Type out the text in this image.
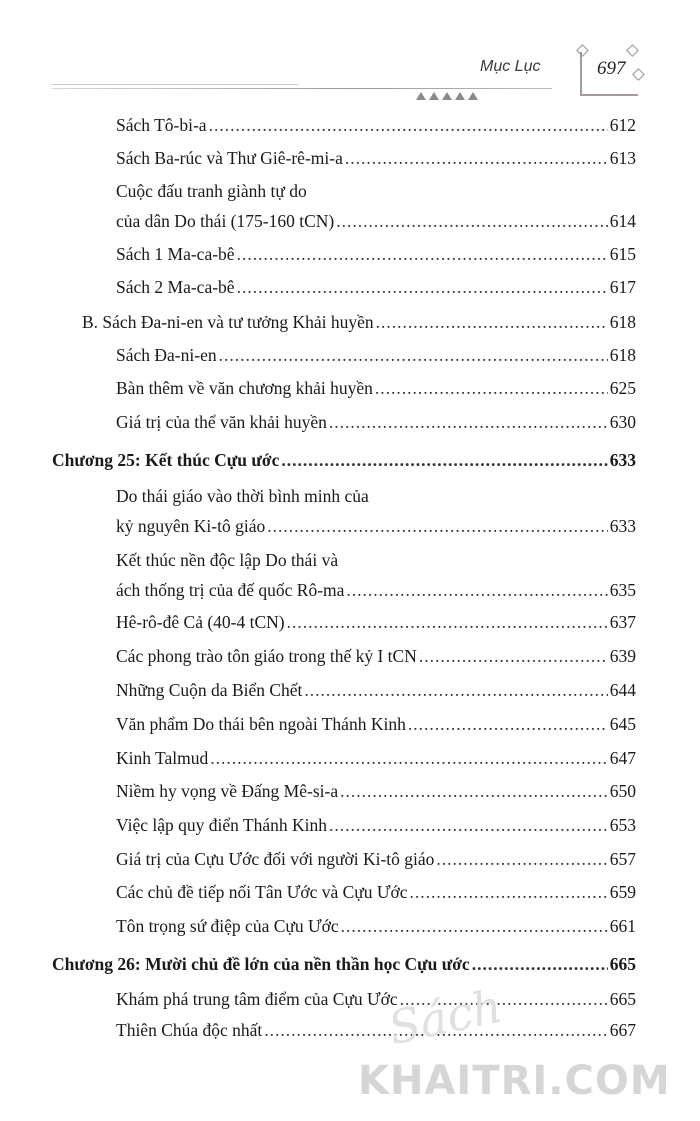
Mục Lục	697
Sách Tô-bi-a .....	612
Sách Ba-rúc và Thư Giê-rê-mi-a .....	613
Cuộc đấu tranh giành tự do
của dân Do thái (175-160 tCN) .....	614
Sách 1 Ma-ca-bê .....	615
Sách 2 Ma-ca-bê .....	617
B. Sách Đa-ni-en và tư tưởng Khải huyền .....	618
Sách Đa-ni-en .....	618
Bàn thêm về văn chương khải huyền .....	625
Giá trị của thể văn khải huyền .....	630
Chương 25: Kết thúc Cựu ước .....	633
Do thái giáo vào thời bình minh của
kỷ nguyên Ki-tô giáo .....	633
Kết thúc nền độc lập Do thái và
ách thống trị của đế quốc Rô-ma .....	635
Hê-rô-đê Cả (40-4 tCN) .....	637
Các phong trào tôn giáo trong thế kỷ I tCN .....	639
Những Cuộn da Biển Chết .....	644
Văn phẩm Do thái bên ngoài Thánh Kinh .....	645
Kinh Talmud .....	647
Niềm hy vọng về Đấng Mê-si-a .....	650
Việc lập quy điển Thánh Kinh .....	653
Giá trị của Cựu Ước đối với người Ki-tô giáo .....	657
Các chủ đề tiếp nối Tân Ước và Cựu Ước .....	659
Tôn trọng sứ điệp của Cựu Ước .....	661
Chương 26: Mười chủ đề lớn của nền thần học Cựu ước .....	665
Khám phá trung tâm điểm của Cựu Ước .....	665
Thiên Chúa độc nhất .....	667
Sách
KHAITRI.COM
